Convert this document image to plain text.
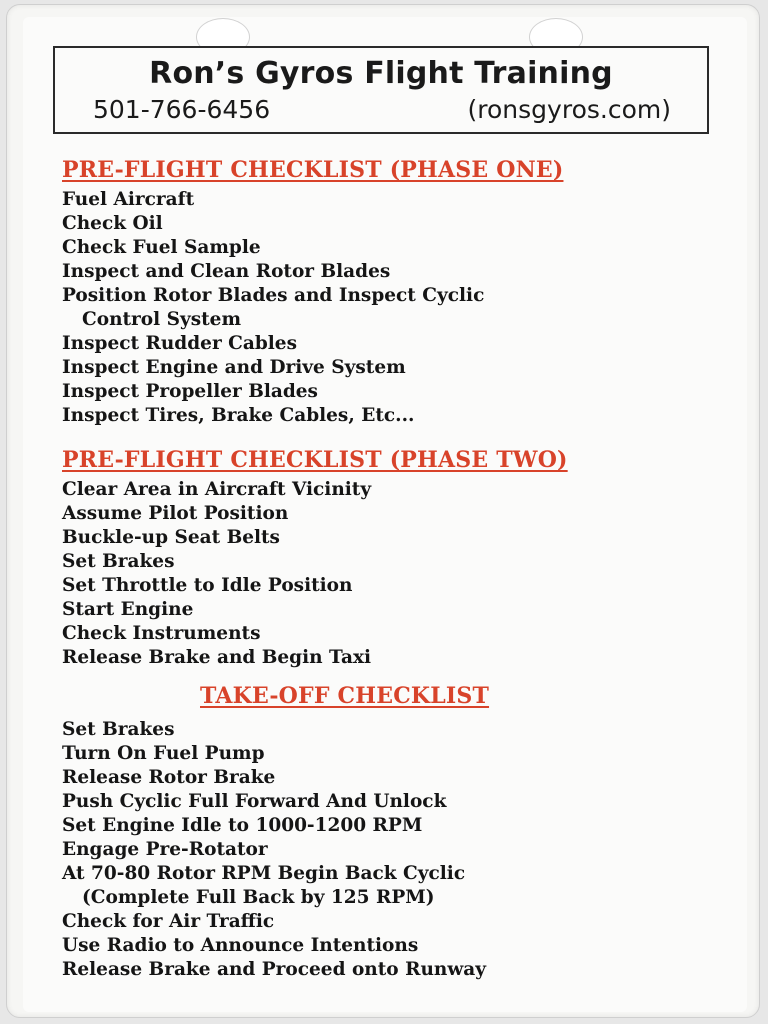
Ron’s Gyros Flight Training
501-766-6456	(ronsgyros.com)
PRE-FLIGHT CHECKLIST (PHASE ONE)
Fuel Aircraft
Check Oil
Check Fuel Sample
Inspect and Clean Rotor Blades
Position Rotor Blades and Inspect Cyclic
Control System
Inspect Rudder Cables
Inspect Engine and Drive System
Inspect Propeller Blades
Inspect Tires, Brake Cables, Etc...
PRE-FLIGHT CHECKLIST (PHASE TWO)
Clear Area in Aircraft Vicinity
Assume Pilot Position
Buckle-up Seat Belts
Set Brakes
Set Throttle to Idle Position
Start Engine
Check Instruments
Release Brake and Begin Taxi
TAKE-OFF CHECKLIST
Set Brakes
Turn On Fuel Pump
Release Rotor Brake
Push Cyclic Full Forward And Unlock
Set Engine Idle to 1000-1200 RPM
Engage Pre-Rotator
At 70-80 Rotor RPM Begin Back Cyclic
(Complete Full Back by 125 RPM)
Check for Air Traffic
Use Radio to Announce Intentions
Release Brake and Proceed onto Runway
